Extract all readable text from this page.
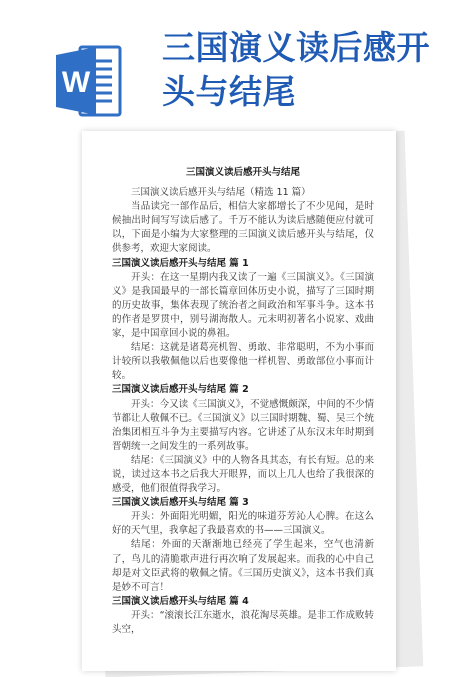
W
三国演义读后感开头与结尾
三国演义读后感开头与结尾
三国演义读后感开头与结尾（精选 11 篇）
当品读完一部作品后，相信大家都增长了不少见闻，是时候抽出时间写写读后感了。千万不能认为读后感随便应付就可以，下面是小编为大家整理的三国演义读后感开头与结尾，仅供参考，欢迎大家阅读。
三国演义读后感开头与结尾 篇 1
开头：在这一星期内我又读了一遍《三国演义》。《三国演义》是我国最早的一部长篇章回体历史小说，描写了三国时期的历史故事，集体表现了统治者之间政治和军事斗争。这本书的作者是罗贯中，别号湖海散人。元末明初著名小说家、戏曲家，是中国章回小说的鼻祖。
结尾：这就是诸葛亮机智、勇敢、非常聪明，不为小事而计较所以我敬佩他以后也要像他一样机智、勇敢部位小事而计较。
三国演义读后感开头与结尾 篇 2
开头：今又读《三国演义》，不觉感慨颇深，中间的不少情节都让人敬佩不已。《三国演义》以三国时期魏、蜀、吴三个统治集团相互斗争为主要描写内容。它讲述了从东汉末年时期到晋朝统一之间发生的一系列故事。
结尾：《三国演义》中的人物各具其态，有长有短。总的来说，读过这本书之后我大开眼界，而以上几人也给了我很深的感受，他们很值得我学习。
三国演义读后感开头与结尾 篇 3
开头：外面阳光明媚，阳光的味道芬芳沁人心脾。在这么好的天气里，我拿起了我最喜欢的书——三国演义。
结尾：外面的天渐渐地已经亮了学生起来，空气也清新了，鸟儿的清脆歌声进行再次响了发展起来。而我的心中自己却是对文臣武将的敬佩之情。《三国历史演义》，这本书我们真是妙不可言！
三国演义读后感开头与结尾 篇 4
开头：“滚滚长江东逝水，浪花淘尽英雄。是非工作成败转头空，
